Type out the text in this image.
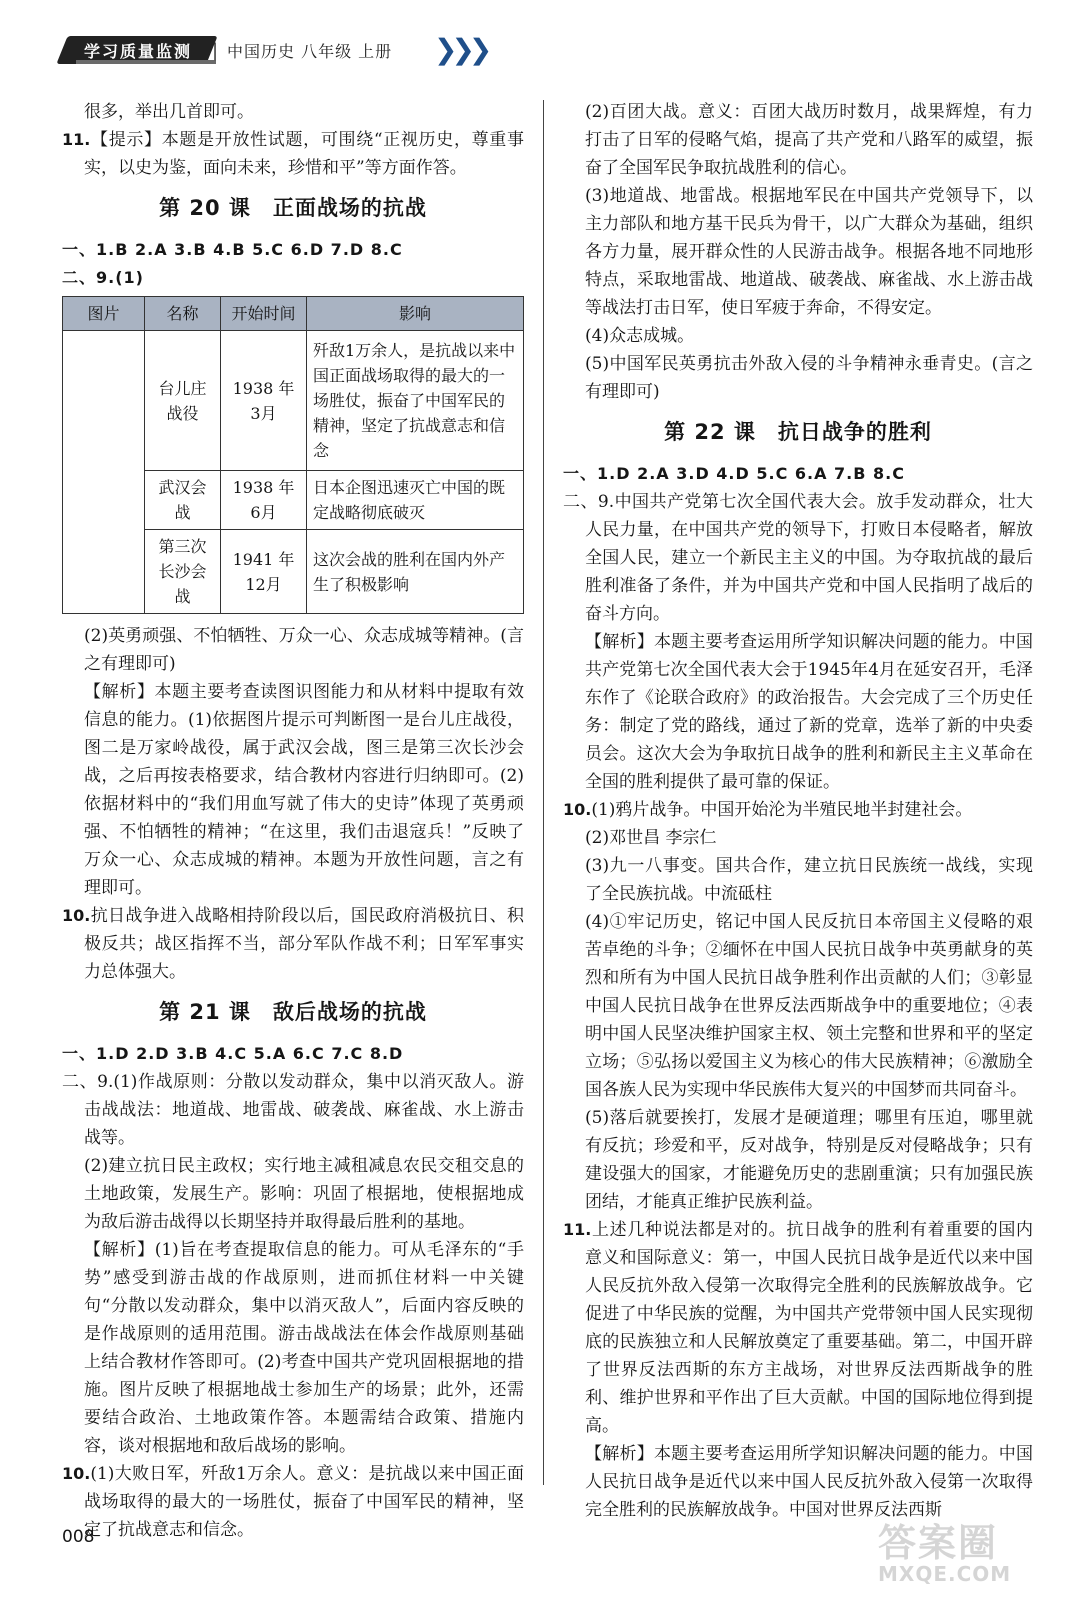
学习质量监测 | 中国历史 八年级 上册 ❯❯❯

很多，举出几首即可。

11.【提示】本题是开放性试题，可围绕“正视历史，尊重事实，以史为鉴，面向未来，珍惜和平”等方面作答。

第 20 课 正面战场的抗战

一、1.B 2.A 3.B 4.B 5.C 6.D 7.D 8.C

二、9.(1)

图片	名称	开始时间	影响
	台儿庄战役	1938 年 3月	歼敌1万余人，是抗战以来中国正面战场取得的最大的一场胜仗，振奋了中国军民的精神，坚定了抗战意志和信念
	武汉会战	1938 年 6月	日本企图迅速灭亡中国的既定战略彻底破灭
	第三次长沙会战	1941 年 12月	这次会战的胜利在国内外产生了积极影响

(2)英勇顽强、不怕牺牲、万众一心、众志成城等精神。(言之有理即可)

【解析】本题主要考查读图识图能力和从材料中提取有效信息的能力。(1)依据图片提示可判断图一是台儿庄战役，图二是万家岭战役，属于武汉会战，图三是第三次长沙会战，之后再按表格要求，结合教材内容进行归纳即可。(2)依据材料中的“我们用血写就了伟大的史诗”体现了英勇顽强、不怕牺牲的精神；“在这里，我们击退寇兵！”反映了万众一心、众志成城的精神。本题为开放性问题，言之有理即可。

10.抗日战争进入战略相持阶段以后，国民政府消极抗日、积极反共；战区指挥不当，部分军队作战不利；日军军事实力总体强大。

第 21 课 敌后战场的抗战

一、1.D 2.D 3.B 4.C 5.A 6.C 7.C 8.D

二、9.(1)作战原则：分散以发动群众，集中以消灭敌人。游击战战法：地道战、地雷战、破袭战、麻雀战、水上游击战等。

(2)建立抗日民主政权；实行地主减租减息农民交租交息的土地政策，发展生产。影响：巩固了根据地，使根据地成为敌后游击战得以长期坚持并取得最后胜利的基地。

【解析】(1)旨在考查提取信息的能力。可从毛泽东的“手势”感受到游击战的作战原则，进而抓住材料一中关键句“分散以发动群众，集中以消灭敌人”，后面内容反映的是作战原则的适用范围。游击战战法在体会作战原则基础上结合教材作答即可。(2)考查中国共产党巩固根据地的措施。图片反映了根据地战士参加生产的场景；此外，还需要结合政治、土地政策作答。本题需结合政策、措施内容，谈对根据地和敌后战场的影响。

10.(1)大败日军，歼敌1万余人。意义：是抗战以来中国正面战场取得的最大的一场胜仗，振奋了中国军民的精神，坚定了抗战意志和信念。

(2)百团大战。意义：百团大战历时数月，战果辉煌，有力打击了日军的侵略气焰，提高了共产党和八路军的威望，振奋了全国军民争取抗战胜利的信心。

(3)地道战、地雷战。根据地军民在中国共产党领导下，以主力部队和地方基干民兵为骨干，以广大群众为基础，组织各方力量，展开群众性的人民游击战争。根据各地不同地形特点，采取地雷战、地道战、破袭战、麻雀战、水上游击战等战法打击日军，使日军疲于奔命，不得安定。

(4)众志成城。

(5)中国军民英勇抗击外敌入侵的斗争精神永垂青史。(言之有理即可)

第 22 课 抗日战争的胜利

一、1.D 2.A 3.D 4.D 5.C 6.A 7.B 8.C

二、9.中国共产党第七次全国代表大会。放手发动群众，壮大人民力量，在中国共产党的领导下，打败日本侵略者，解放全国人民，建立一个新民主主义的中国。为夺取抗战的最后胜利准备了条件，并为中国共产党和中国人民指明了战后的奋斗方向。

【解析】本题主要考查运用所学知识解决问题的能力。中国共产党第七次全国代表大会于1945年4月在延安召开，毛泽东作了《论联合政府》的政治报告。大会完成了三个历史任务：制定了党的路线，通过了新的党章，选举了新的中央委员会。这次大会为争取抗日战争的胜利和新民主主义革命在全国的胜利提供了最可靠的保证。

10.(1)鸦片战争。中国开始沦为半殖民地半封建社会。

(2)邓世昌 李宗仁

(3)九一八事变。国共合作，建立抗日民族统一战线，实现了全民族抗战。中流砥柱

(4)①牢记历史，铭记中国人民反抗日本帝国主义侵略的艰苦卓绝的斗争；②缅怀在中国人民抗日战争中英勇献身的英烈和所有为中国人民抗日战争胜利作出贡献的人们；③彰显中国人民抗日战争在世界反法西斯战争中的重要地位；④表明中国人民坚决维护国家主权、领土完整和世界和平的坚定立场；⑤弘扬以爱国主义为核心的伟大民族精神；⑥激励全国各族人民为实现中华民族伟大复兴的中国梦而共同奋斗。

(5)落后就要挨打，发展才是硬道理；哪里有压迫，哪里就有反抗；珍爱和平，反对战争，特别是反对侵略战争；只有建设强大的国家，才能避免历史的悲剧重演；只有加强民族团结，才能真正维护民族利益。

11.上述几种说法都是对的。抗日战争的胜利有着重要的国内意义和国际意义：第一，中国人民抗日战争是近代以来中国人民反抗外敌入侵第一次取得完全胜利的民族解放战争。它促进了中华民族的觉醒，为中国共产党带领中国人民实现彻底的民族独立和人民解放奠定了重要基础。第二，中国开辟了世界反法西斯的东方主战场，对世界反法西斯战争的胜利、维护世界和平作出了巨大贡献。中国的国际地位得到提高。

【解析】本题主要考查运用所学知识解决问题的能力。中国人民抗日战争是近代以来中国人民反抗外敌入侵第一次取得完全胜利的民族解放战争。中国对世界反法西斯

008	答案圈
MXQE.COM
